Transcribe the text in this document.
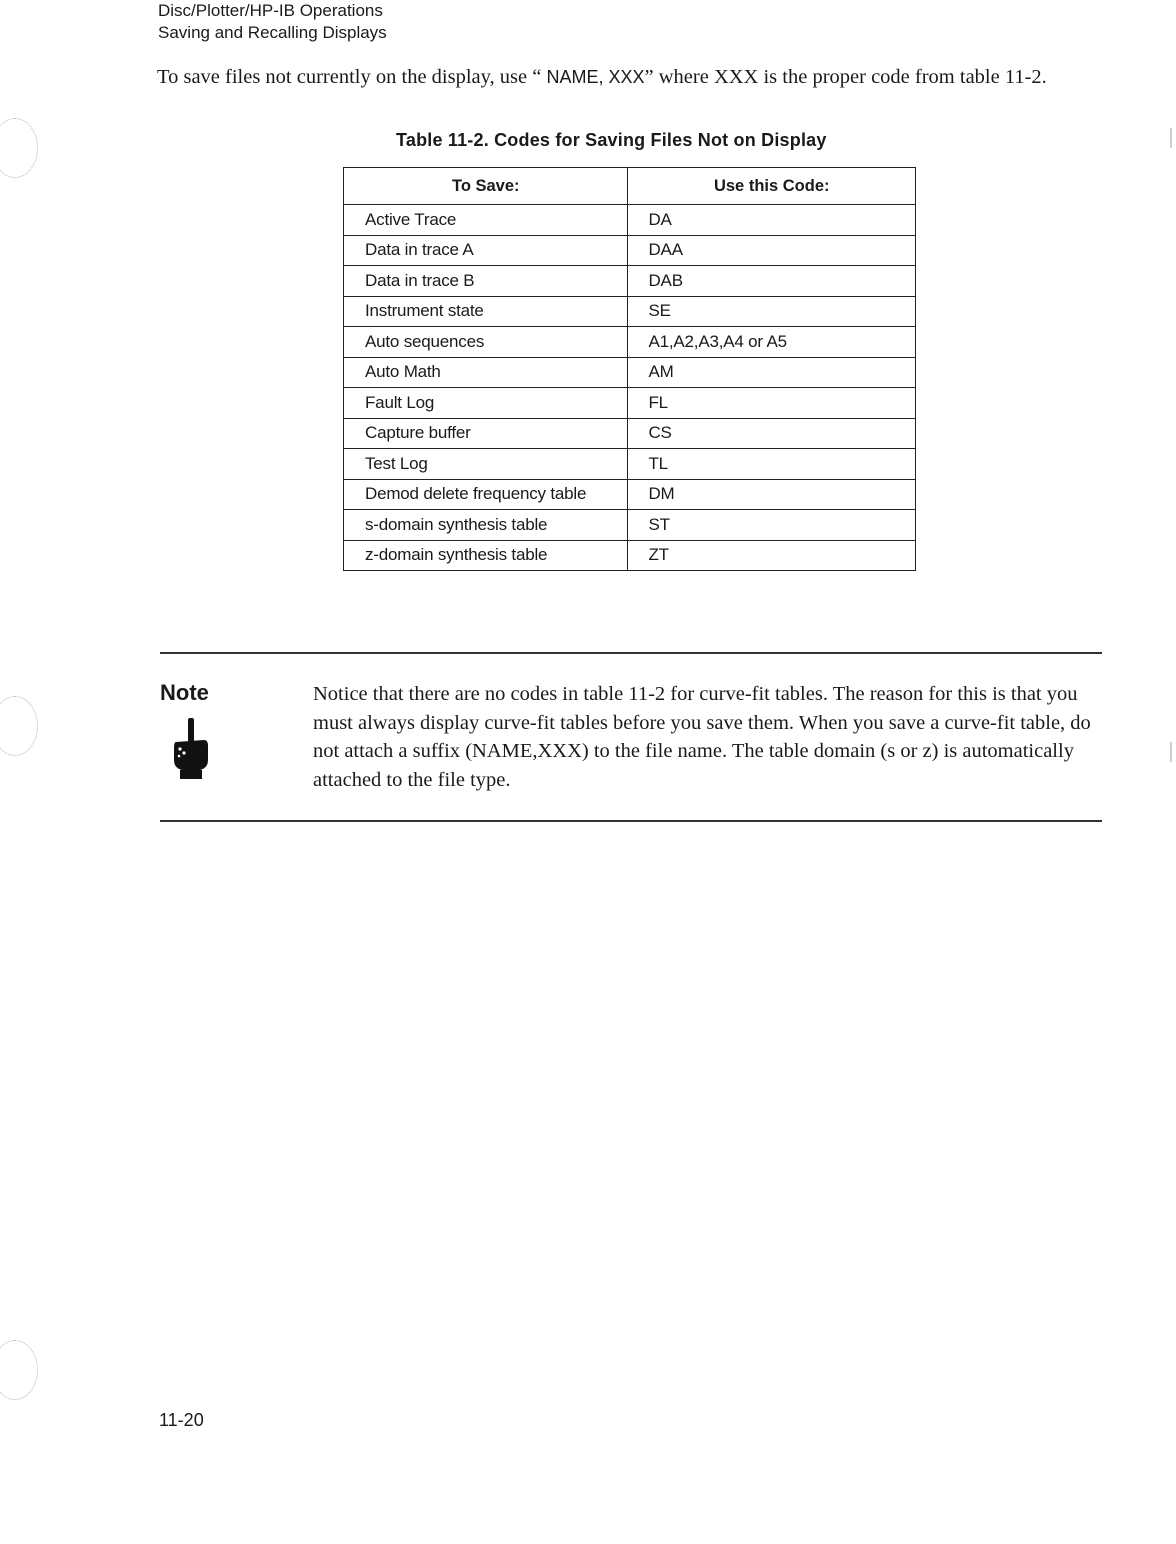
Disc/Plotter/HP-IB Operations
Saving and Recalling Displays
To save files not currently on the display, use “ NAME, XXX” where XXX is the proper code from table 11-2.
Table 11-2. Codes for Saving Files Not on Display
To Save:	Use this Code:
Active Trace	DA
Data in trace A	DAA
Data in trace B	DAB
Instrument state	SE
Auto sequences	A1,A2,A3,A4 or A5
Auto Math	AM
Fault Log	FL
Capture buffer	CS
Test Log	TL
Demod delete frequency table	DM
s-domain synthesis table	ST
z-domain synthesis table	ZT
Note	Notice that there are no codes in table 11-2 for curve-fit tables. The reason for this is that you must always display curve-fit tables before you save them. When you save a curve-fit table, do not attach a suffix (NAME,XXX) to the file name. The table domain (s or z) is automatically attached to the file type.
11-20
